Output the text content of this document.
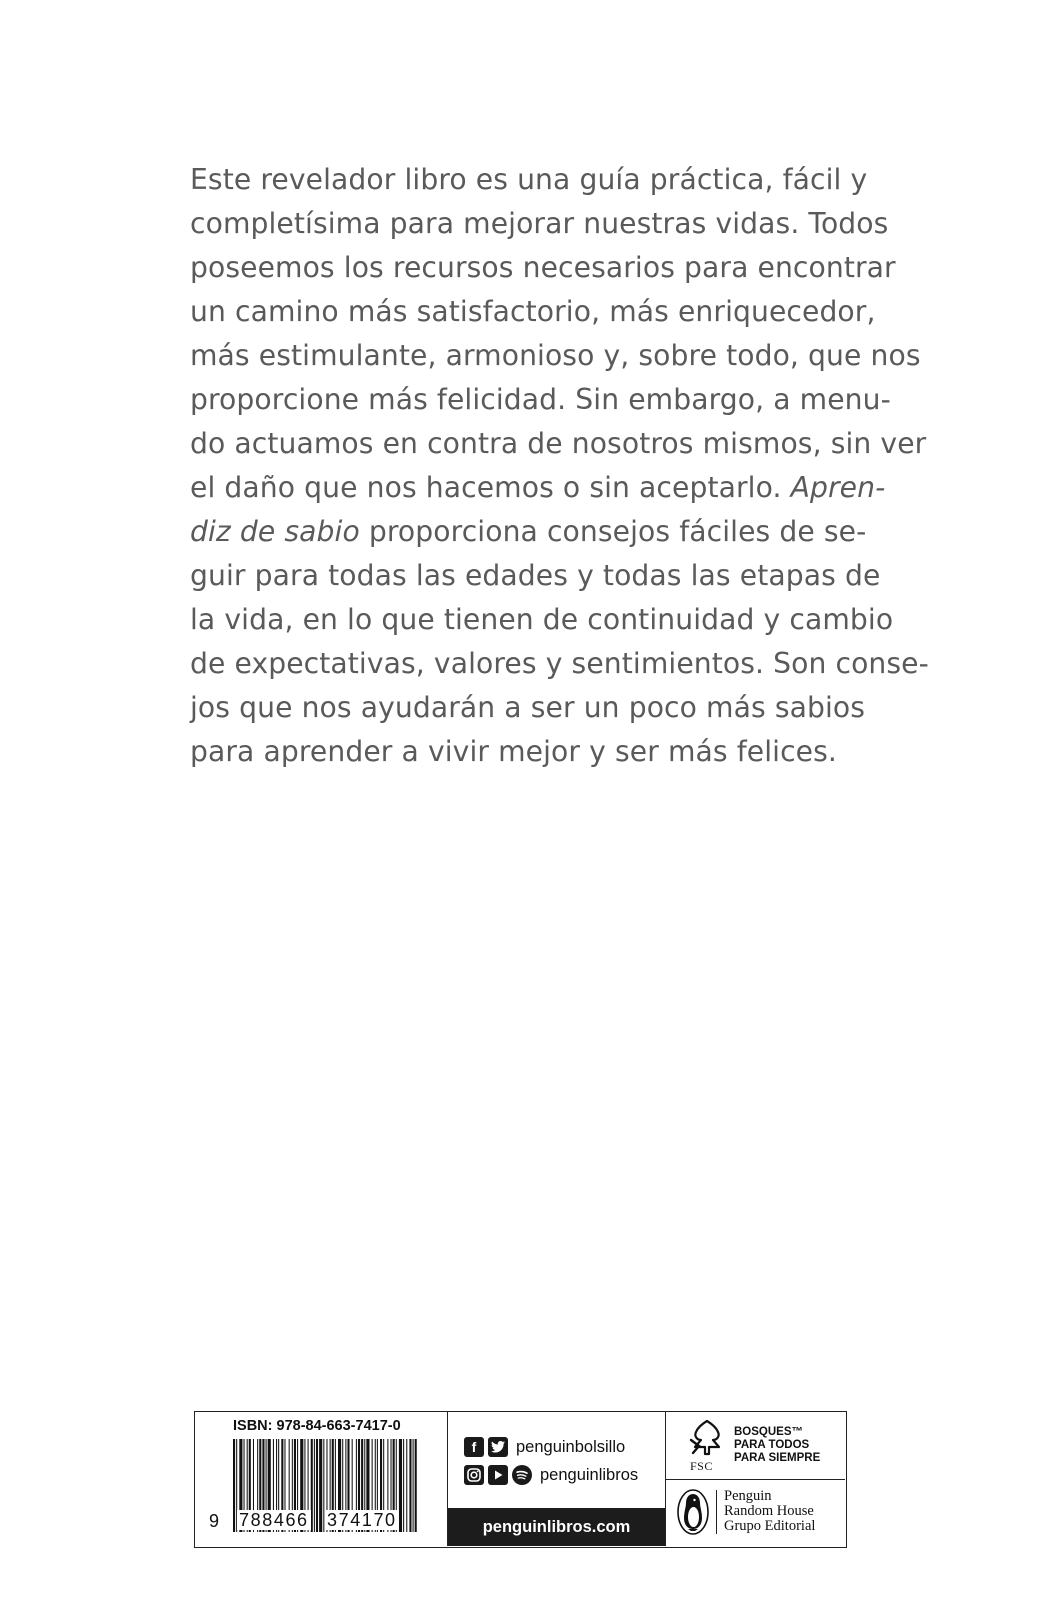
Este revelador libro es una guía práctica, fácil y
completísima para mejorar nuestras vidas. Todos
poseemos los recursos necesarios para encontrar
un camino más satisfactorio, más enriquecedor,
más estimulante, armonioso y, sobre todo, que nos
proporcione más felicidad. Sin embargo, a menu-
do actuamos en contra de nosotros mismos, sin ver
el daño que nos hacemos o sin aceptarlo. Apren-
diz de sabio proporciona consejos fáciles de se-
guir para todas las edades y todas las etapas de
la vida, en lo que tienen de continuidad y cambio
de expectativas, valores y sentimientos. Son conse-
jos que nos ayudarán a ser un poco más sabios
para aprender a vivir mejor y ser más felices.
ISBN: 978-84-663-7417-0
9 788466 374170
f	penguinbolsillo
penguinlibros
penguinlibros.com
FSC
BOSQUES™
PARA TODOS
PARA SIEMPRE
Penguin
Random House
Grupo Editorial
